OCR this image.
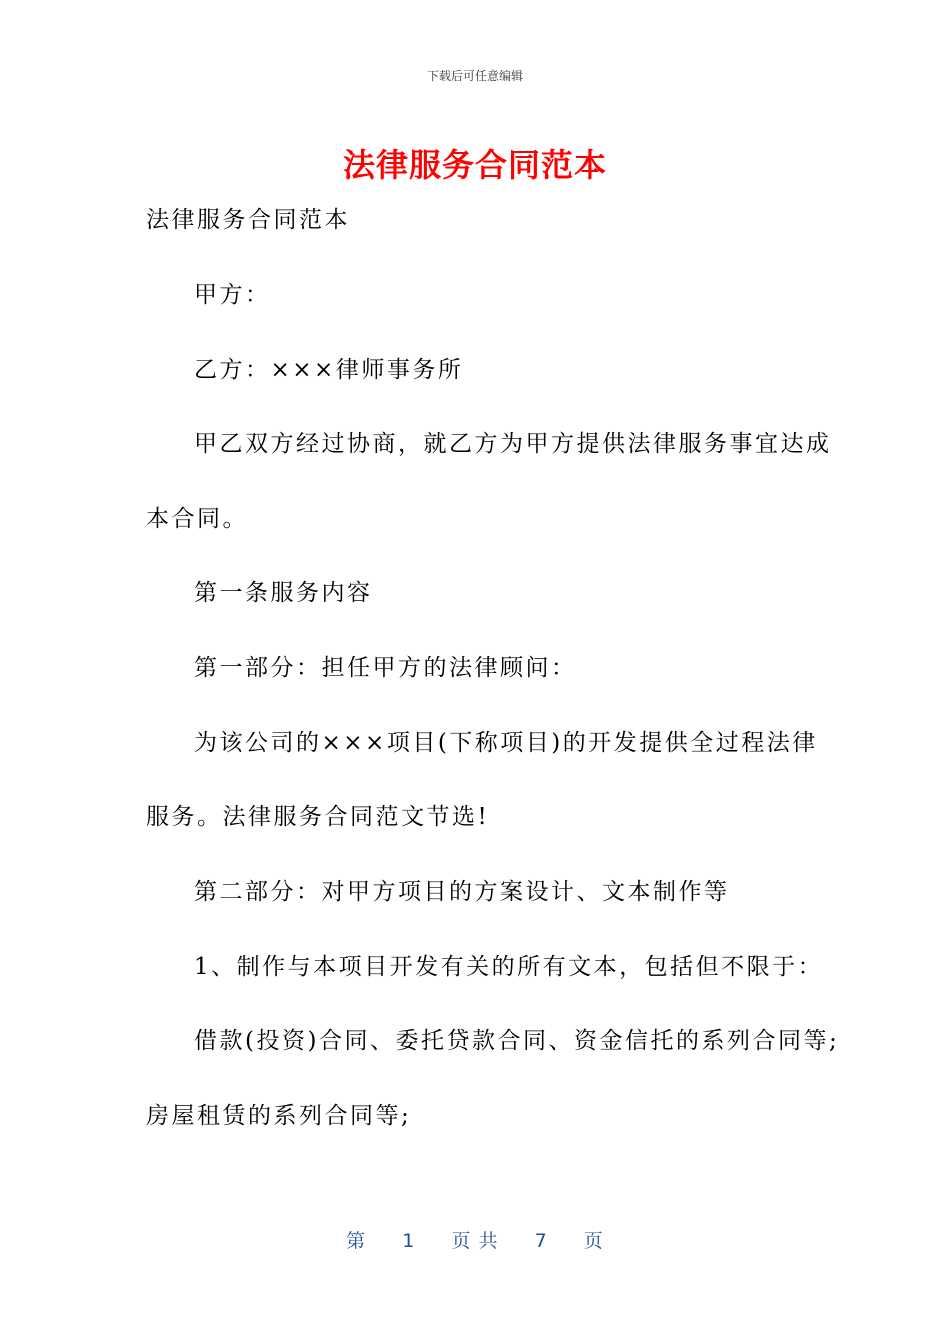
下载后可任意编辑
法律服务合同范本
法律服务合同范本
甲方：
乙方：×××律师事务所
甲乙双方经过协商，就乙方为甲方提供法律服务事宜达成
本合同。
第一条服务内容
第一部分：担任甲方的法律顾问：
为该公司的×××项目(下称项目)的开发提供全过程法律
服务。法律服务合同范文节选!
第二部分：对甲方项目的方案设计、文本制作等
1、制作与本项目开发有关的所有文本，包括但不限于：
借款(投资)合同、委托贷款合同、资金信托的系列合同等;
房屋租赁的系列合同等;
第 1 页 共 7 页
